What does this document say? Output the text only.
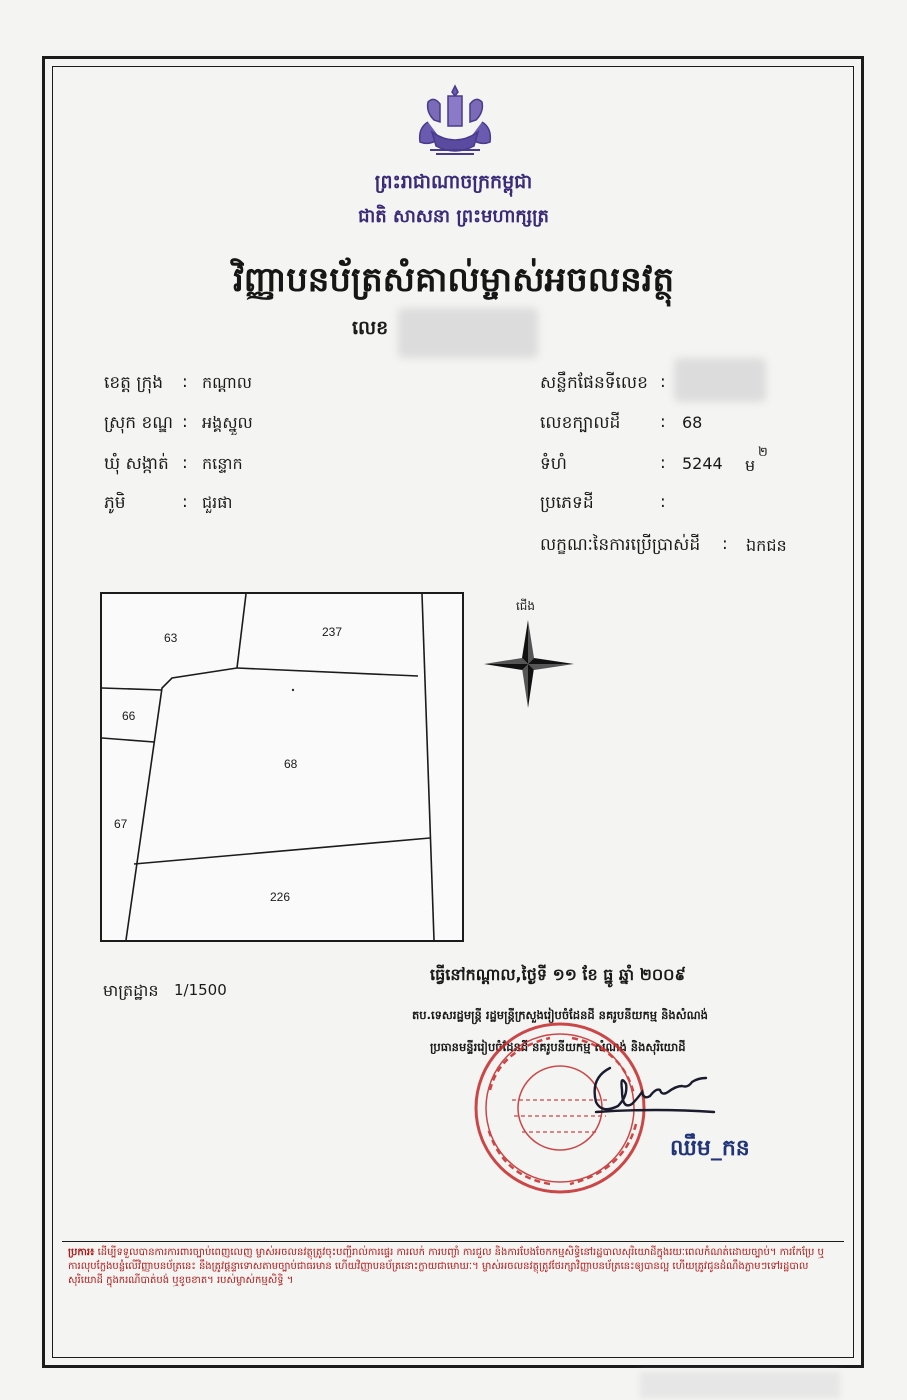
ព្រះរាជាណាចក្រកម្ពុជា
ជាតិ សាសនា ព្រះមហាក្សត្រ
វិញ្ញាបនប័ត្រសំគាល់ម្ចាស់អចលនវត្ថុ
លេខ
ខេត្ត ក្រុង : កណ្តាល
ស្រុក ខណ្ឌ : អង្គស្នួល
ឃុំ សង្កាត់ : កន្ទោក
ភូមិ	: ជួរផា
សន្លឹកផែនទីលេខ :
លេខក្បាលដី : 68
ទំហំ	: 5244 ម
២
ប្រភេទដី	:
លក្ខណៈនៃការប្រើប្រាស់ដី : ឯកជន
63	237
66
68
67
226
ជើង
មាត្រដ្ឋាន 1/1500
ធ្វើនៅកណ្តាល,ថ្ងៃទី ១១ ខែ ធ្នូ ឆ្នាំ ២០០៩
តប.ទេសរដ្ឋមន្ត្រី រដ្ឋមន្ត្រីក្រសួងរៀបចំដែនដី នគរូបនីយកម្ម និងសំណង់
ប្រធានមន្ទីររៀបចំដែនដី នគរូបនីយកម្ម សំណង់ និងសុរិយោដី
ឈឹម_កន

ប្រការ៖ ដើម្បីទទួលបានការការពារច្បាប់ពេញលេញ ម្ចាស់អចលនវត្ថុត្រូវចុះបញ្ជីរាល់ការផ្ទេរ ការលក់ ការបញ្ចាំ ការជួល និងការបែងចែកកម្មសិទ្ធិនៅរដ្ឋបាលសុរិយោដីក្នុងរយៈពេលកំណត់ដោយច្បាប់។ ការកែប្រែ ឬការលុបក្លែងបន្លំលើវិញ្ញាបនប័ត្រនេះ នឹងត្រូវផ្តន្ទាទោសតាមច្បាប់ជាធរមាន ហើយវិញ្ញាបនប័ត្រនោះក្លាយជាមោឃៈ។ ម្ចាស់អចលនវត្ថុត្រូវថែរក្សាវិញ្ញាបនប័ត្រនេះឲ្យបានល្អ ហើយត្រូវជូនដំណឹងភ្លាមៗទៅរដ្ឋបាលសុរិយោដី ក្នុងករណីបាត់បង់ ឬខូចខាត។ របស់ម្ចាស់កម្មសិទ្ធិ ។
